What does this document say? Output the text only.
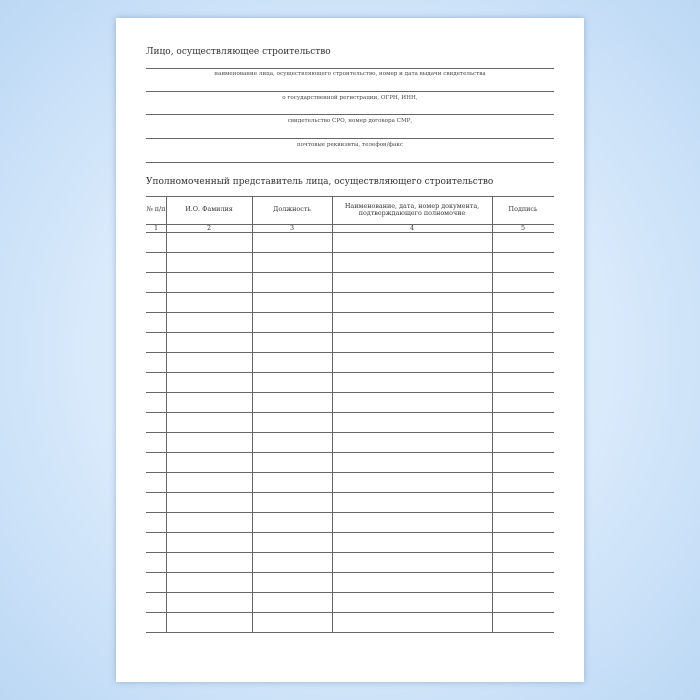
Лицо, осуществляющее строительство
наименование лица, осуществляющего строительство, номер и дата выдачи свидетельства
о государственной регистрации, ОГРН, ИНН,
свидетельство СРО, номер договора СМР,
почтовые реквизиты, телефон/факс
Уполномоченный представитель лица, осуществляющего строительство
№ п/п	И.О. Фамилия	Должность	Наименование, дата, номер документа, подтверждающего полномочие	Подпись
1	2	3	4	5
